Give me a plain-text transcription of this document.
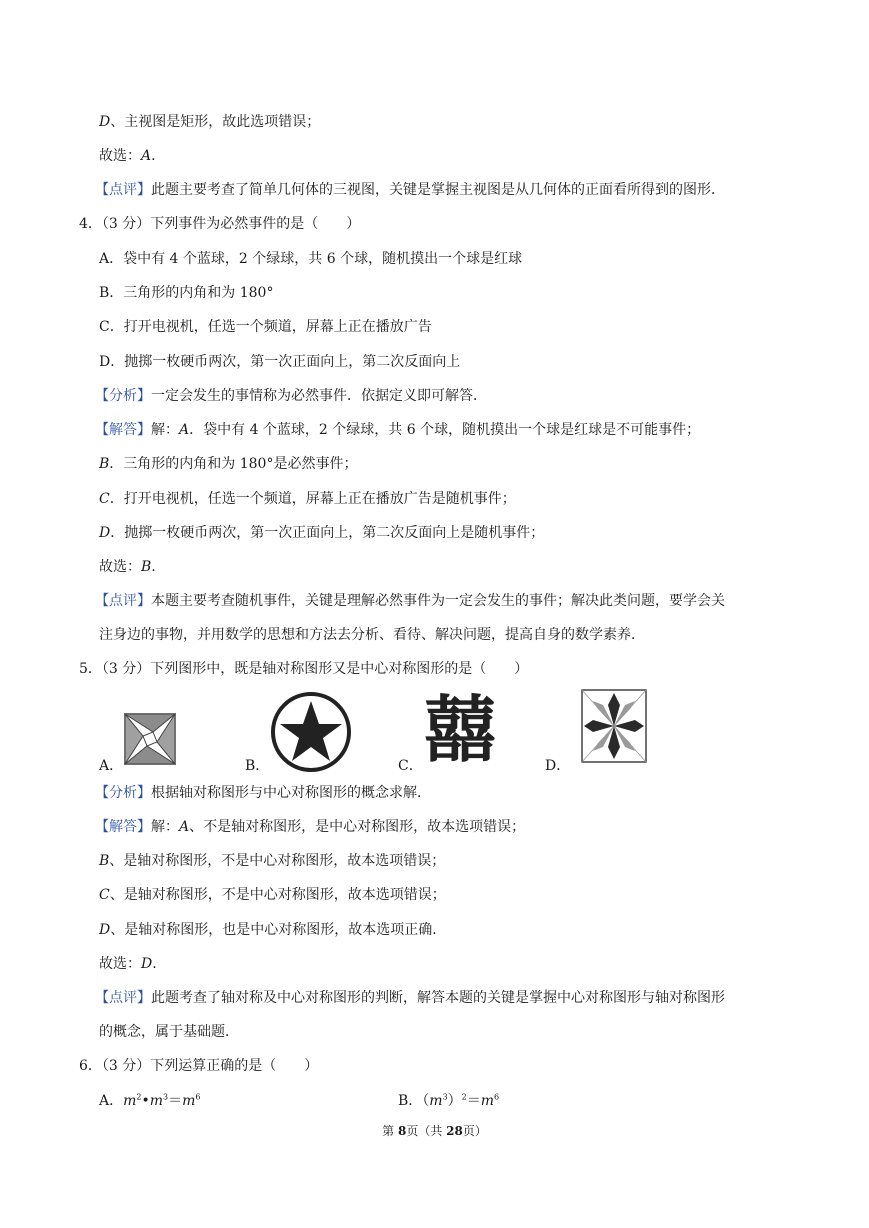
D、主视图是矩形，故此选项错误；
故选：A.
【点评】此题主要考查了简单几何体的三视图，关键是掌握主视图是从几何体的正面看所得到的图形．
4．（3 分）下列事件为必然事件的是（　　）
A．袋中有 4 个蓝球，2 个绿球，共 6 个球，随机摸出一个球是红球
B．三角形的内角和为 180°
C．打开电视机，任选一个频道，屏幕上正在播放广告
D．抛掷一枚硬币两次，第一次正面向上，第二次反面向上
【分析】一定会发生的事情称为必然事件．依据定义即可解答．
【解答】解：A．袋中有 4 个蓝球，2 个绿球，共 6 个球，随机摸出一个球是红球是不可能事件；
B．三角形的内角和为 180°是必然事件；
C．打开电视机，任选一个频道，屏幕上正在播放广告是随机事件；
D．抛掷一枚硬币两次，第一次正面向上，第二次反面向上是随机事件；
故选：B.
【点评】本题主要考查随机事件，关键是理解必然事件为一定会发生的事件；解决此类问题，要学会关
注身边的事物，并用数学的思想和方法去分析、看待、解决问题，提高自身的数学素养．
5．（3 分）下列图形中，既是轴对称图形又是中心对称图形的是（　　）
A．	B．	C． 囍	D．
【分析】根据轴对称图形与中心对称图形的概念求解．
【解答】解：A、不是轴对称图形，是中心对称图形，故本选项错误；
B、是轴对称图形，不是中心对称图形，故本选项错误；
C、是轴对称图形，不是中心对称图形，故本选项错误；
D、是轴对称图形，也是中心对称图形，故本选项正确．
故选：D.
【点评】此题考查了轴对称及中心对称图形的判断，解答本题的关键是掌握中心对称图形与轴对称图形
的概念，属于基础题．
6．（3 分）下列运算正确的是（　　）
A．$m^2•m^3=m^6$	B．$(m^3)^2=m^6$
第 8页（共 28页）
